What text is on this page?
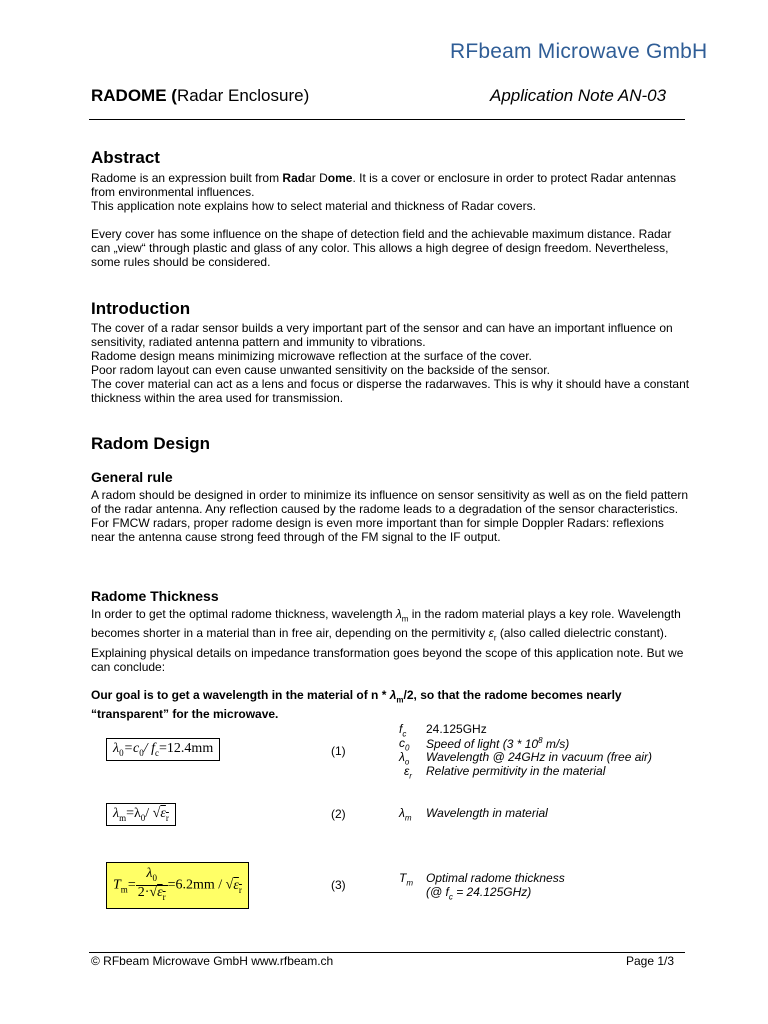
RFbeam Microwave GmbH
RADOME (Radar Enclosure)	Application Note AN-03
Abstract

Radome is an expression built from Radar Dome. It is a cover or enclosure in order to protect Radar antennas from environmental influences.

This application note explains how to select material and thickness of Radar covers.

Every cover has some influence on the shape of detection field and the achievable maximum distance. Radar can „view“ through plastic and glass of any color. This allows a high degree of design freedom. Nevertheless, some rules should be considered.

Introduction

The cover of a radar sensor builds a very important part of the sensor and can have an important influence on sensitivity, radiated antenna pattern and immunity to vibrations.

Radome design means minimizing microwave reflection at the surface of the cover.

Poor radom layout can even cause unwanted sensitivity on the backside of the sensor.

The cover material can act as a lens and focus or disperse the radarwaves. This is why it should have a constant thickness within the area used for transmission.

Radom Design
General rule

A radom should be designed in order to minimize its influence on sensor sensitivity as well as on the field pattern of the radar antenna. Any reflection caused by the radome leads to a degradation of the sensor characteristics. For FMCW radars, proper radome design is even more important than for simple Doppler Radars: reflexions near the antenna cause strong feed through of the FM signal to the IF output.

Radome Thickness

In order to get the optimal radome thickness, wavelength $\lambda_m$ in the radom material plays a key role. Wavelength becomes shorter in a material than in free air, depending on the permitivity $\varepsilon_r$ (also called dielectric constant). Explaining physical details on impedance transformation goes beyond the scope of this application note. But we can conclude:

Our goal is to get a wavelength in the material of n * $\lambda_m/2$, so that the radome becomes nearly “transparent” for the microwave.

$\lambda_0=c_0/$ $f_c=12.4mm$	(1)
$\lambda_m=\lambda_0/$ $√\varepsilon_r$	(2)
$T_m= \frac{\lambda_0}{2\cdot√\varepsilon_r} =6.2mm / √\varepsilon_r$	(3)
$f_c$ 24.125GHz
$c_0$ Speed of light ($3 * 10^8$ m/s)
$\lambda_o$ Wavelength @ 24GHz in vacuum (free air)
$\varepsilon_r$ Relative permitivity in the material
$\lambda_m$ Wavelength in material
$T_m$ Optimal radome thickness
(@ $f_c = 24.125GHz$)
© RFbeam Microwave GmbH www.rfbeam.ch	Page 1/3
